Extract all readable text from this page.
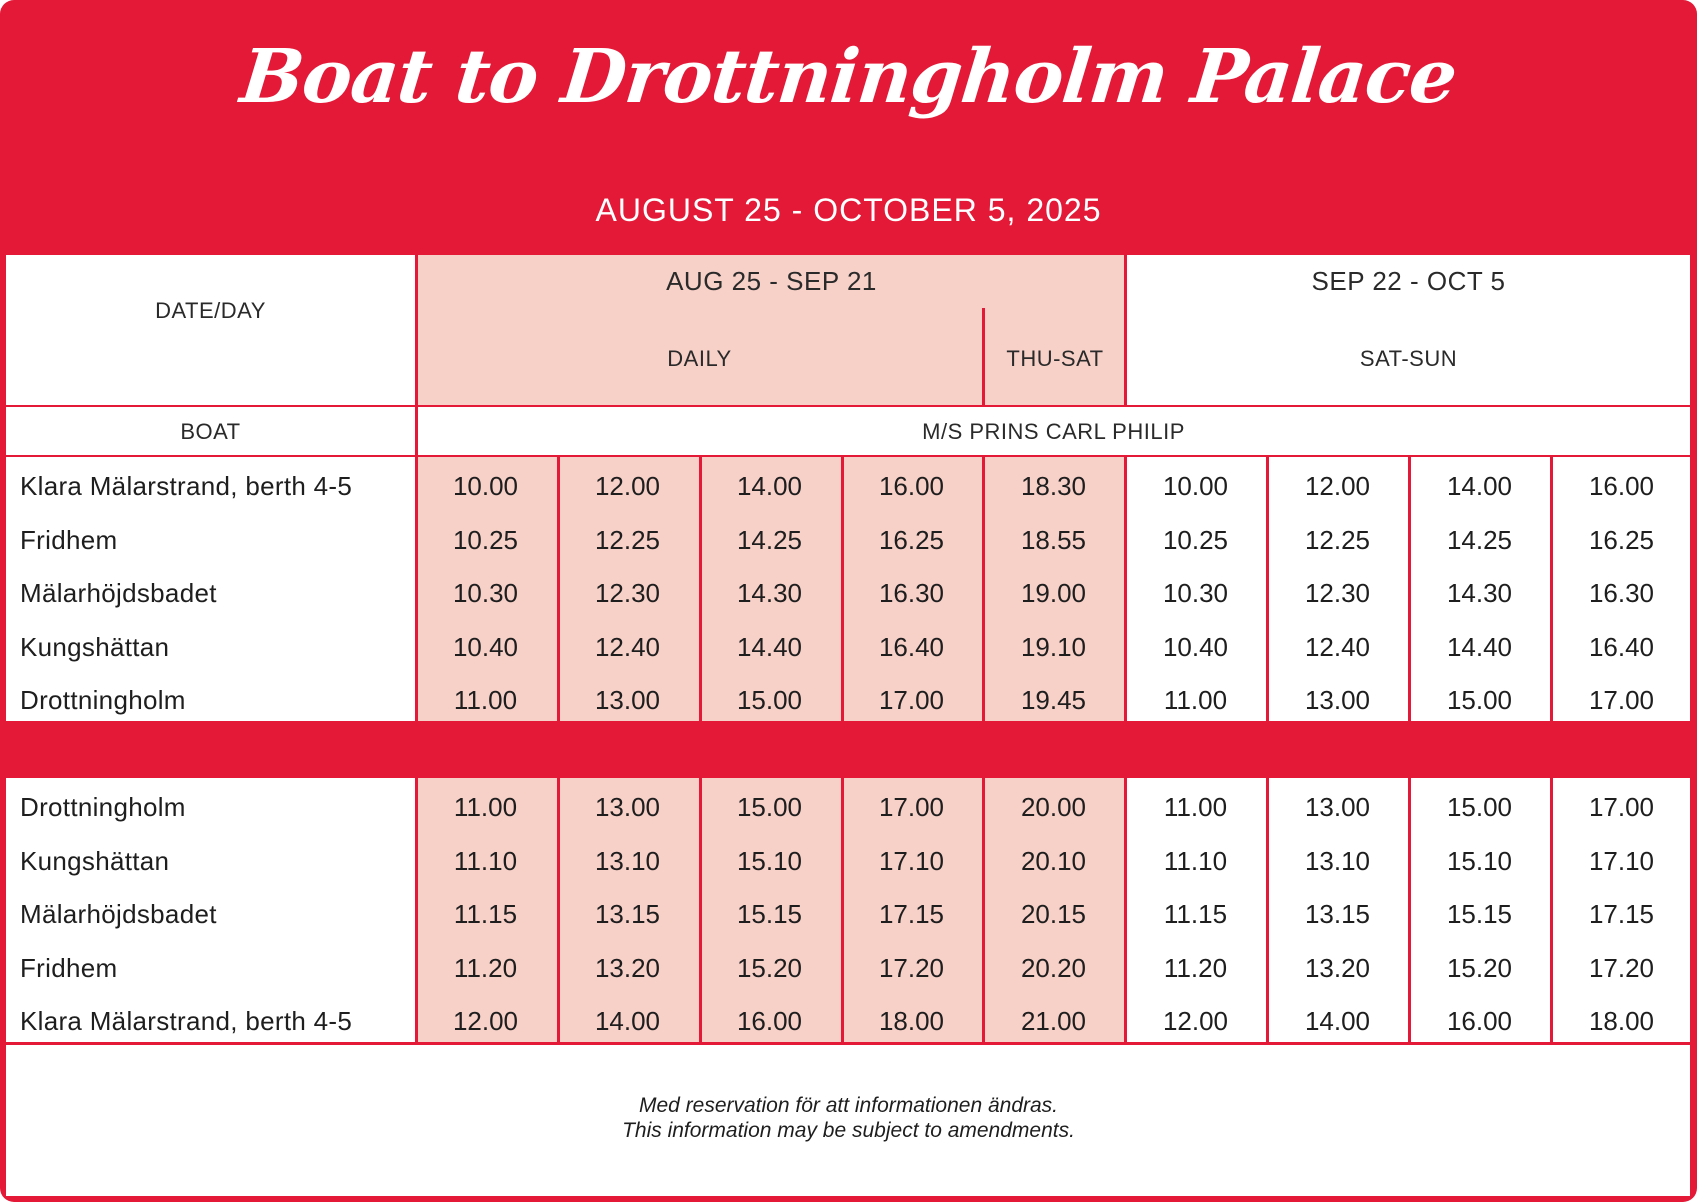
Boat to Drottningholm Palace
AUGUST 25 - OCTOBER 5, 2025
DATE/DAY
AUG 25 - SEP 21	SEP 22 - OCT 5
DAILY	THU-SAT	SAT-SUN
BOAT	M/S PRINS CARL PHILIP
Klara Mälarstrand, berth 4-5	10.00	12.00	14.00	16.00	18.30	10.00	12.00	14.00	16.00
Fridhem	10.25	12.25	14.25	16.25	18.55	10.25	12.25	14.25	16.25
Mälarhöjdsbadet	10.30	12.30	14.30	16.30	19.00	10.30	12.30	14.30	16.30
Kungshättan	10.40	12.40	14.40	16.40	19.10	10.40	12.40	14.40	16.40
Drottningholm	11.00	13.00	15.00	17.00	19.45	11.00	13.00	15.00	17.00
Drottningholm	11.00	13.00	15.00	17.00	20.00	11.00	13.00	15.00	17.00
Kungshättan	11.10	13.10	15.10	17.10	20.10	11.10	13.10	15.10	17.10
Mälarhöjdsbadet	11.15	13.15	15.15	17.15	20.15	11.15	13.15	15.15	17.15
Fridhem	11.20	13.20	15.20	17.20	20.20	11.20	13.20	15.20	17.20
Klara Mälarstrand, berth 4-5	12.00	14.00	16.00	18.00	21.00	12.00	14.00	16.00	18.00
Med reservation för att informationen ändras.
This information may be subject to amendments.
